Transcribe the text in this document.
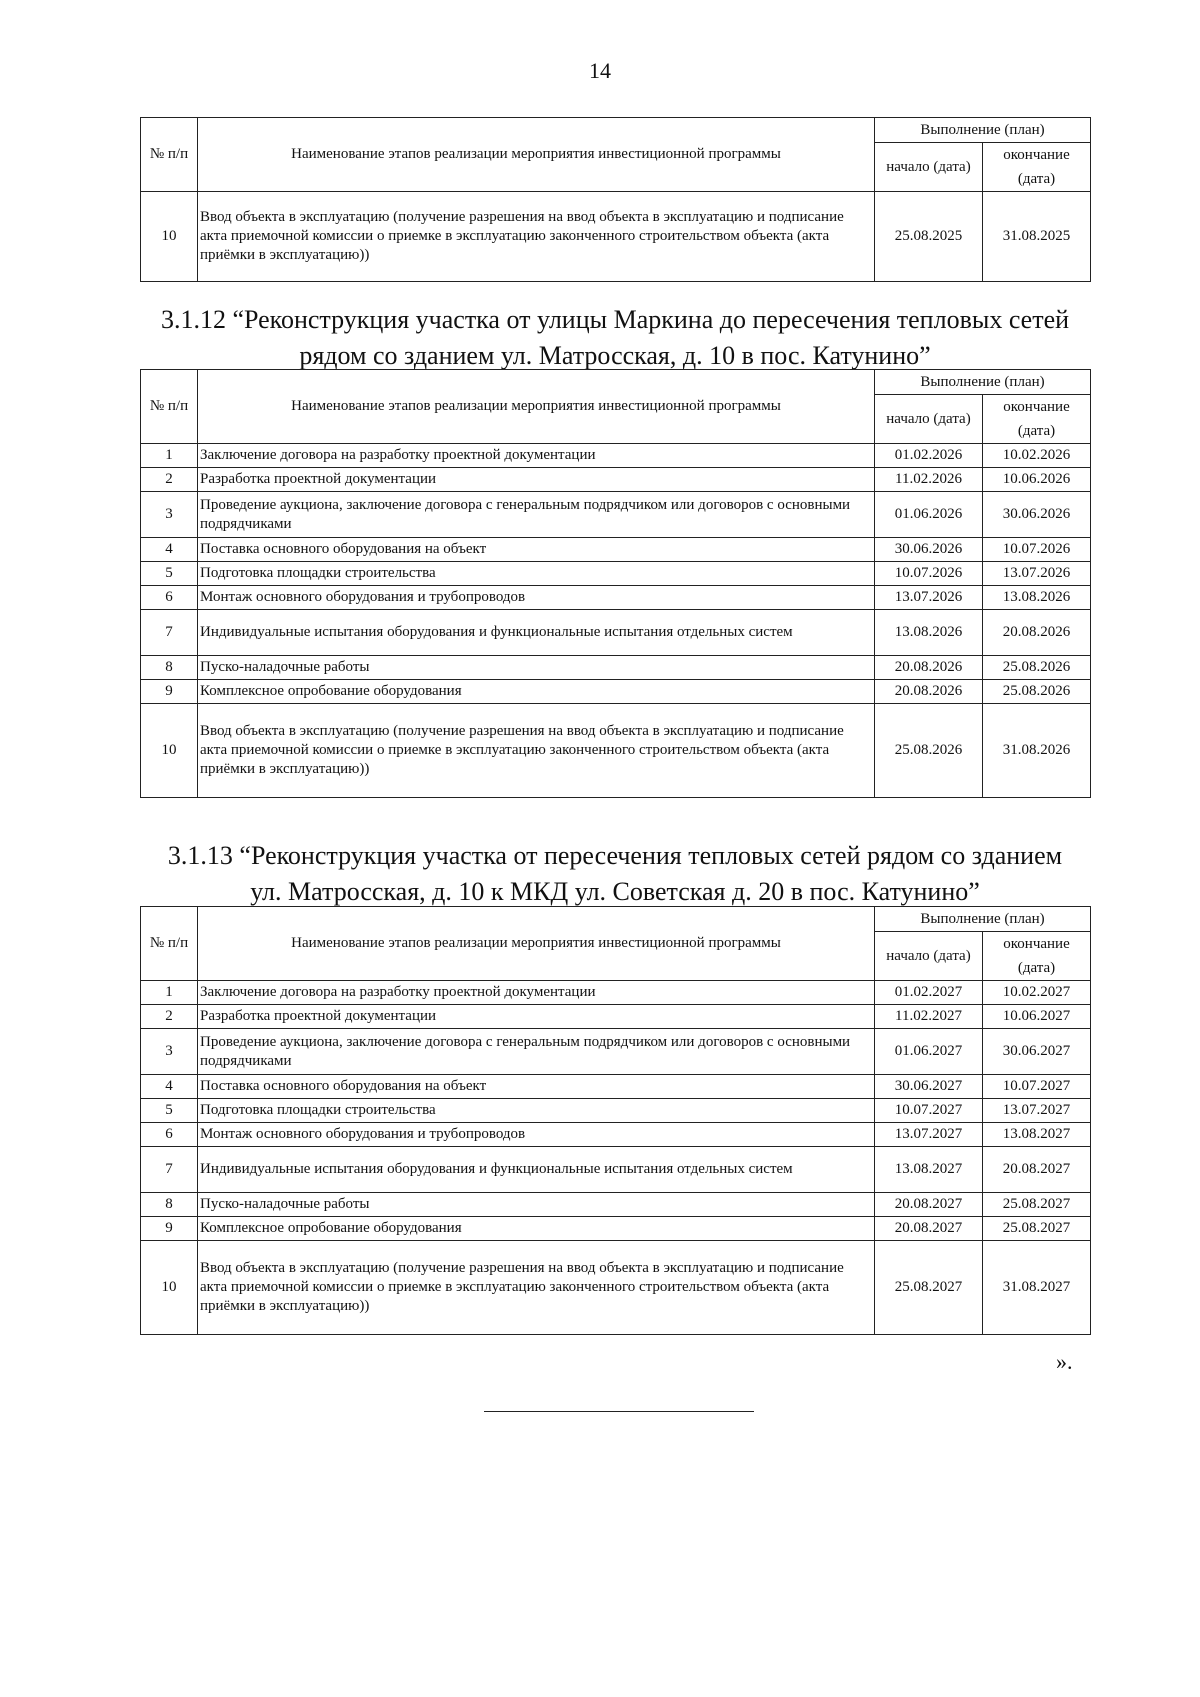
14
№ п/п	Наименование этапов реализации мероприятия инвестиционной программы	Выполнение (план)	
		начало (дата)	окончание (дата)
10	Ввод объекта в эксплуатацию (получение разрешения на ввод объекта в эксплуатацию и подписание акта приемочной комиссии о приемке в эксплуатацию законченного строительством объекта (акта приёмки в эксплуатацию))	25.08.2025	31.08.2025
3.1.12 “Реконструкция участка от улицы Маркина до пересечения тепловых сетей
рядом со зданием ул. Матросская, д. 10 в пос. Катунино”
№ п/п	Наименование этапов реализации мероприятия инвестиционной программы	Выполнение (план)	
		начало (дата)	окончание (дата)
1	Заключение договора на разработку проектной документации	01.02.2026	10.02.2026
2	Разработка проектной документации	11.02.2026	10.06.2026
3	Проведение аукциона, заключение договора с генеральным подрядчиком или договоров с основными подрядчиками	01.06.2026	30.06.2026
4	Поставка основного оборудования на объект	30.06.2026	10.07.2026
5	Подготовка площадки строительства	10.07.2026	13.07.2026
6	Монтаж основного оборудования и трубопроводов	13.07.2026	13.08.2026
7	Индивидуальные испытания оборудования и функциональные испытания отдельных систем	13.08.2026	20.08.2026
8	Пуско-наладочные работы	20.08.2026	25.08.2026
9	Комплексное опробование оборудования	20.08.2026	25.08.2026
10	Ввод объекта в эксплуатацию (получение разрешения на ввод объекта в эксплуатацию и подписание акта приемочной комиссии о приемке в эксплуатацию законченного строительством объекта (акта приёмки в эксплуатацию))	25.08.2026	31.08.2026
3.1.13 “Реконструкция участка от пересечения тепловых сетей рядом со зданием
ул. Матросская, д. 10 к МКД ул. Советская д. 20 в пос. Катунино”
№ п/п	Наименование этапов реализации мероприятия инвестиционной программы	Выполнение (план)	
		начало (дата)	окончание (дата)
1	Заключение договора на разработку проектной документации	01.02.2027	10.02.2027
2	Разработка проектной документации	11.02.2027	10.06.2027
3	Проведение аукциона, заключение договора с генеральным подрядчиком или договоров с основными подрядчиками	01.06.2027	30.06.2027
4	Поставка основного оборудования на объект	30.06.2027	10.07.2027
5	Подготовка площадки строительства	10.07.2027	13.07.2027
6	Монтаж основного оборудования и трубопроводов	13.07.2027	13.08.2027
7	Индивидуальные испытания оборудования и функциональные испытания отдельных систем	13.08.2027	20.08.2027
8	Пуско-наладочные работы	20.08.2027	25.08.2027
9	Комплексное опробование оборудования	20.08.2027	25.08.2027
10	Ввод объекта в эксплуатацию (получение разрешения на ввод объекта в эксплуатацию и подписание акта приемочной комиссии о приемке в эксплуатацию законченного строительством объекта (акта приёмки в эксплуатацию))	25.08.2027	31.08.2027
».
